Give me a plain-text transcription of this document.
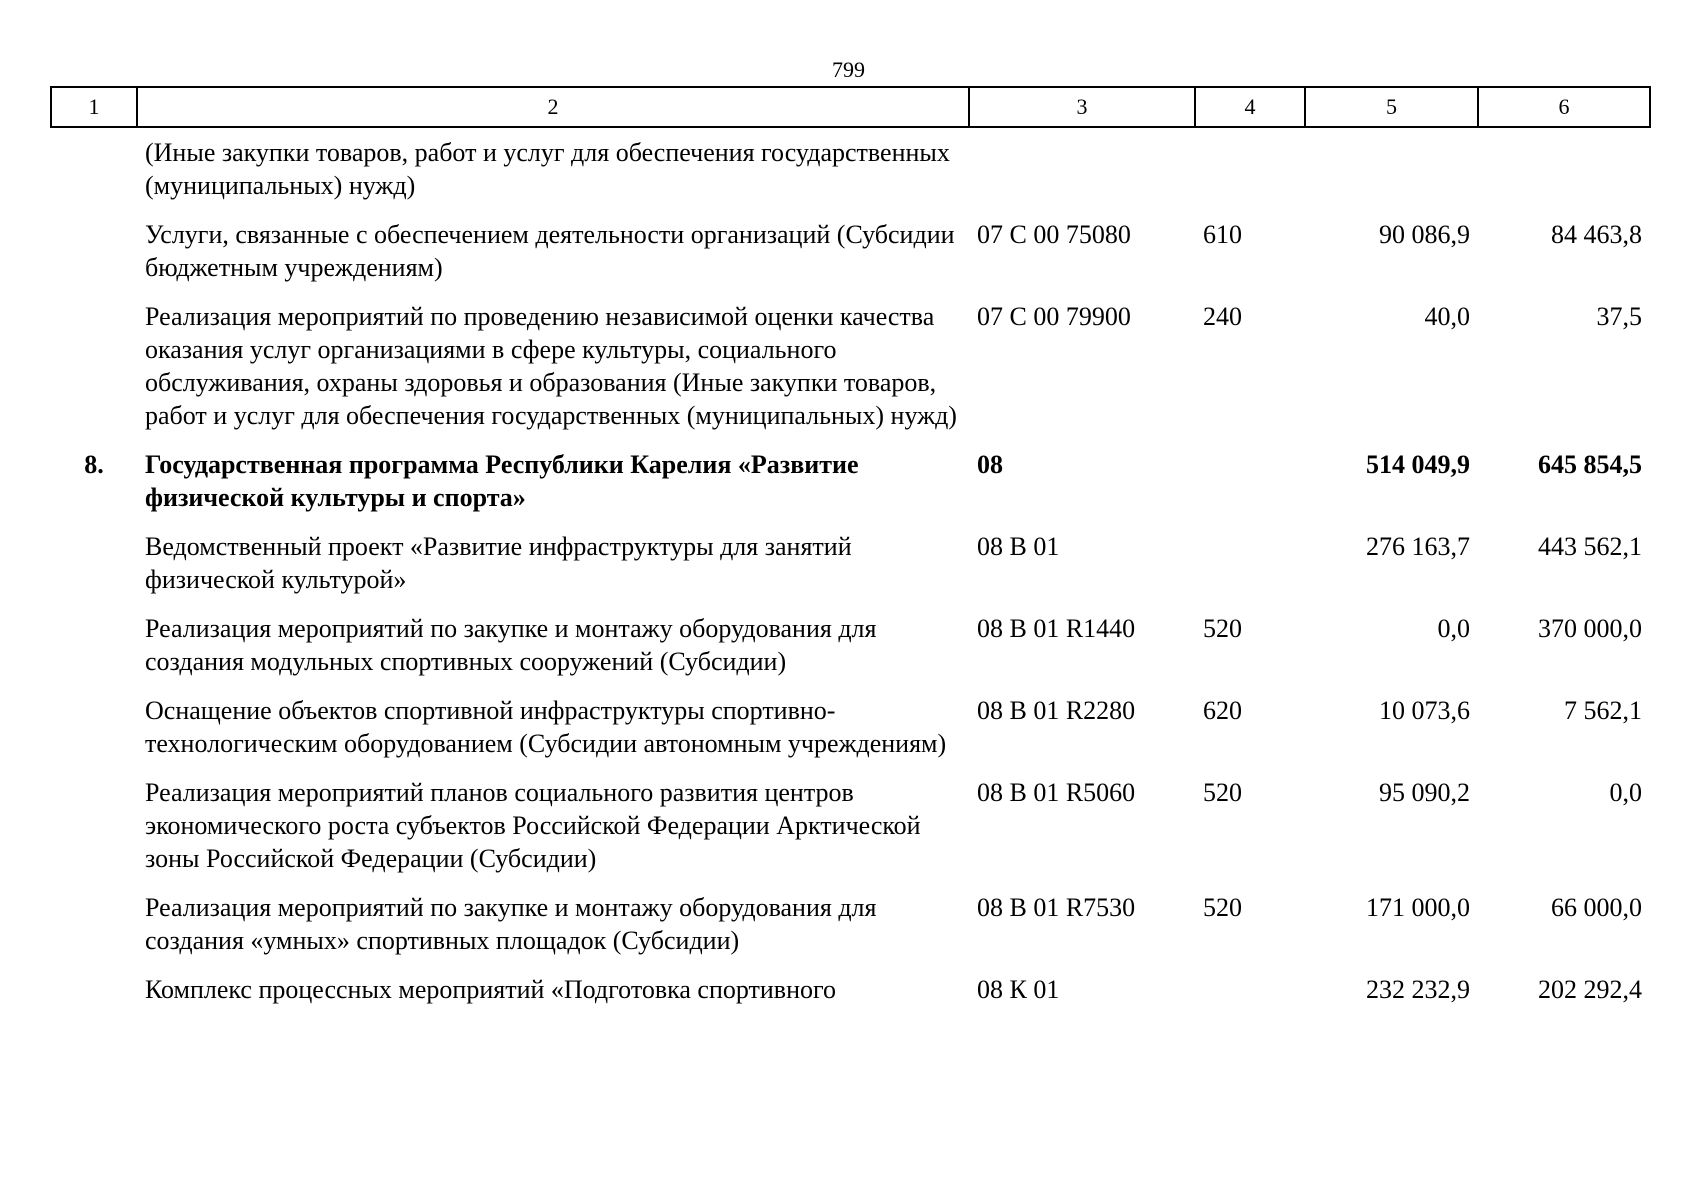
799
1	2	3	4	5	6
	(Иные закупки товаров, работ и услуг для обеспечения государственных (муниципальных) нужд)				
	Услуги, связанные с обеспечением деятельности организаций (Субсидии бюджетным учреждениям)	07 С 00 75080	610	90 086,9	84 463,8
	Реализация мероприятий по проведению независимой оценки качества оказания услуг организациями в сфере культуры, социального обслуживания, охраны здоровья и образования (Иные закупки товаров, работ и услуг для обеспечения государственных (муниципальных) нужд)	07 С 00 79900	240	40,0	37,5
8.	Государственная программа Республики Карелия «Развитие физической культуры и спорта»	08		514 049,9	645 854,5
	Ведомственный проект «Развитие инфраструктуры для занятий физической культурой»	08 В 01		276 163,7	443 562,1
	Реализация мероприятий по закупке и монтажу оборудования для создания модульных спортивных сооружений (Субсидии)	08 В 01 R1440	520	0,0	370 000,0
	Оснащение объектов спортивной инфраструктуры спортивно-технологическим оборудованием (Субсидии автономным учреждениям)	08 В 01 R2280	620	10 073,6	7 562,1
	Реализация мероприятий планов социального развития центров экономического роста субъектов Российской Федерации Арктической зоны Российской Федерации (Субсидии)	08 В 01 R5060	520	95 090,2	0,0
	Реализация мероприятий по закупке и монтажу оборудования для создания «умных» спортивных площадок (Субсидии)	08 В 01 R7530	520	171 000,0	66 000,0
	Комплекс процессных мероприятий «Подготовка спортивного	08 К 01		232 232,9	202 292,4
